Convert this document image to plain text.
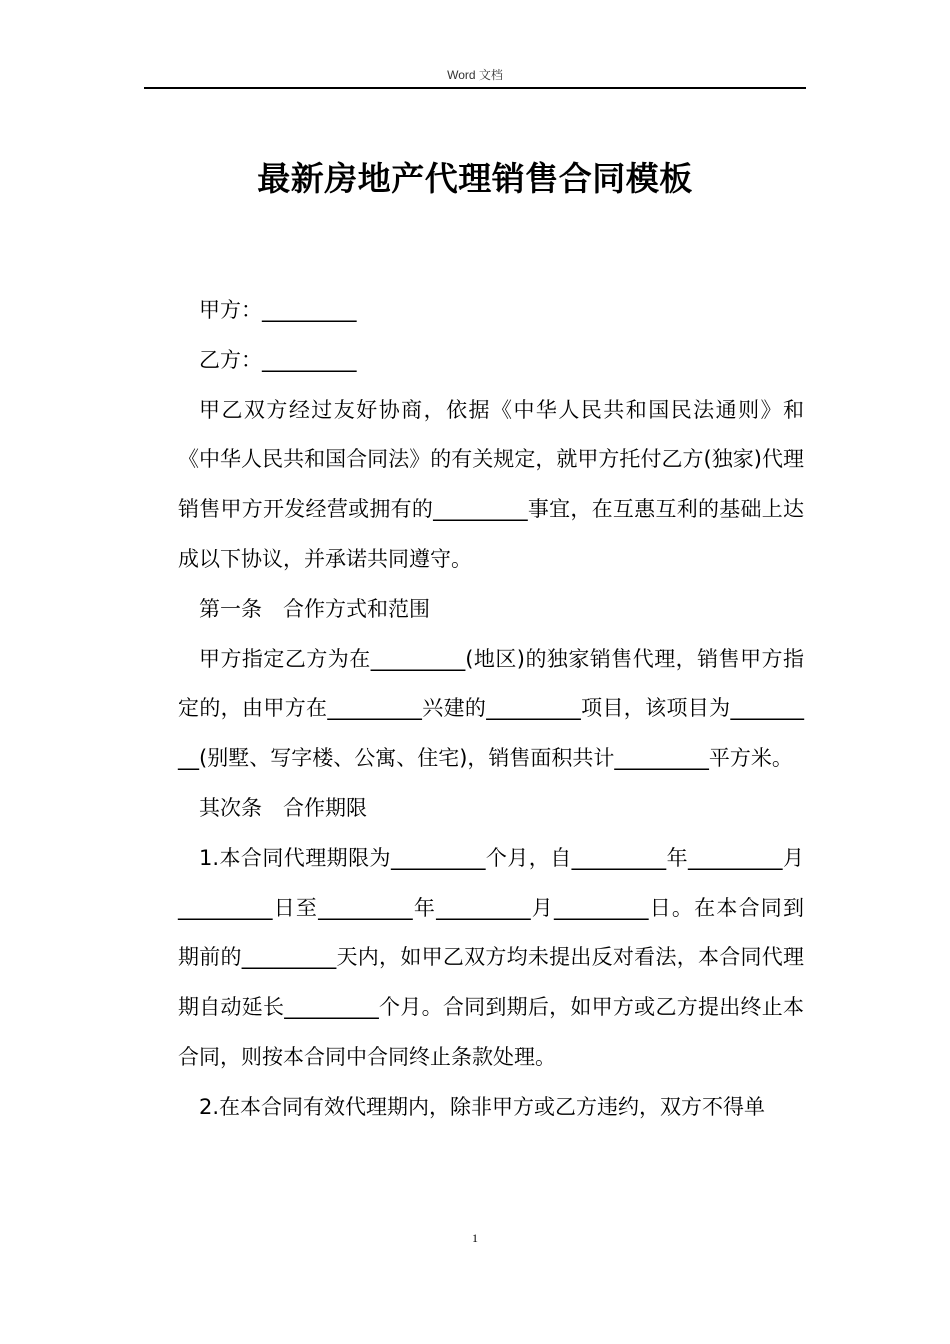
Word 文档
最新房地产代理销售合同模板

甲方：_________

乙方：_________

甲乙双方经过友好协商，依据《中华人民共和国民法通则》和《中华人民共和国合同法》的有关规定，就甲方托付乙方(独家)代理销售甲方开发经营或拥有的_________事宜，在互惠互利的基础上达成以下协议，并承诺共同遵守。

第一条　合作方式和范围

甲方指定乙方为在_________(地区)的独家销售代理，销售甲方指定的，由甲方在_________兴建的_________项目，该项目为_________(别墅、写字楼、公寓、住宅)，销售面积共计_________平方米。

其次条　合作期限

1.本合同代理期限为_________个月，自_________年_________月_________日至_________年_________月_________日。在本合同到期前的_________天内，如甲乙双方均未提出反对看法，本合同代理期自动延长_________个月。合同到期后，如甲方或乙方提出终止本合同，则按本合同中合同终止条款处理。

2.在本合同有效代理期内，除非甲方或乙方违约，双方不得单

1
